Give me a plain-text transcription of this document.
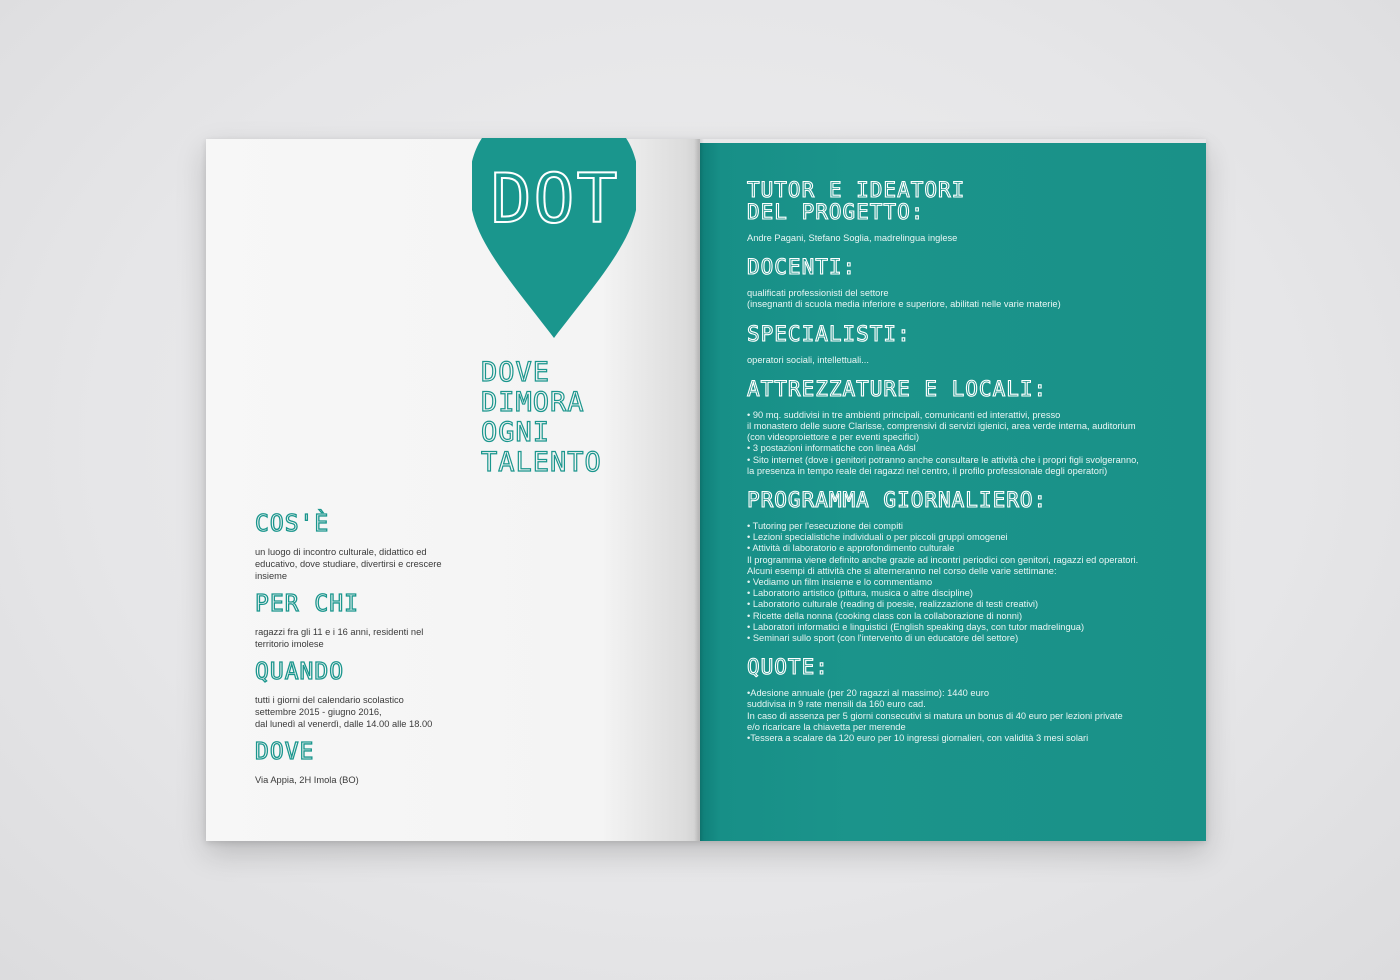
DOT
DOVE
DIMORA
OGNI
TALENTO
COS'È
un luogo di incontro culturale, didattico ed
educativo, dove studiare, divertirsi e crescere
insieme
PER CHI
ragazzi fra gli 11 e i 16 anni, residenti nel
territorio imolese
QUANDO
tutti i giorni del calendario scolastico
settembre 2015 - giugno 2016,
dal lunedì al venerdì, dalle 14.00 alle 18.00
DOVE
Via Appia, 2H Imola (BO)
TUTOR E IDEATORI
DEL PROGETTO:
Andre Pagani, Stefano Soglia, madrelingua inglese
DOCENTI:
qualificati professionisti del settore
(insegnanti di scuola media inferiore e superiore, abilitati nelle varie materie)
SPECIALISTI:
operatori sociali, intellettuali...
ATTREZZATURE E LOCALI:
• 90 mq. suddivisi in tre ambienti principali, comunicanti ed interattivi, presso
il monastero delle suore Clarisse, comprensivi di servizi igienici, area verde interna, auditorium
(con videoproiettore e per eventi specifici)
• 3 postazioni informatiche con linea Adsl
• Sito internet (dove i genitori potranno anche consultare le attività che i propri figli svolgeranno,
la presenza in tempo reale dei ragazzi nel centro, il profilo professionale degli operatori)
PROGRAMMA GIORNALIERO:
• Tutoring per l'esecuzione dei compiti
• Lezioni specialistiche individuali o per piccoli gruppi omogenei
• Attività di laboratorio e approfondimento culturale
Il programma viene definito anche grazie ad incontri periodici con genitori, ragazzi ed operatori.
Alcuni esempi di attività che si alterneranno nel corso delle varie settimane:
• Vediamo un film insieme e lo commentiamo
• Laboratorio artistico (pittura, musica o altre discipline)
• Laboratorio culturale (reading di poesie, realizzazione di testi creativi)
• Ricette della nonna (cooking class con la collaborazione di nonni)
• Laboratori informatici e linguistici (English speaking days, con tutor madrelingua)
• Seminari sullo sport (con l'intervento di un educatore del settore)
QUOTE:
•Adesione annuale (per 20 ragazzi al massimo): 1440 euro
suddivisa in 9 rate mensili da 160 euro cad.
In caso di assenza per 5 giorni consecutivi si matura un bonus di 40 euro per lezioni private
e/o ricaricare la chiavetta per merende
•Tessera a scalare da 120 euro per 10 ingressi giornalieri, con validità 3 mesi solari
